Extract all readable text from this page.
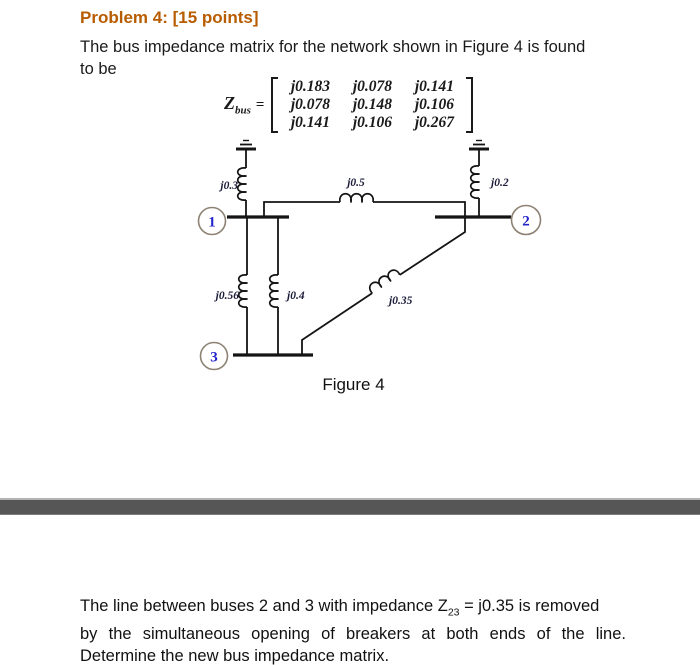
Problem 4: [15 points]
The bus impedance matrix for the network shown in Figure 4 is found
to be
$Z_{bus}$ =
j0.183	j0.078	j0.141
j0.078	j0.148	j0.106
j0.141	j0.106	j0.267
1	2
3
j0.3	j0.5	j0.2
j0.56	j0.4	j0.35
Figure 4
The line between buses 2 and 3 with impedance $Z_{23} = j0.35$ is removed
by the simultaneous opening of breakers at both ends of the line.
Determine the new bus impedance matrix.
